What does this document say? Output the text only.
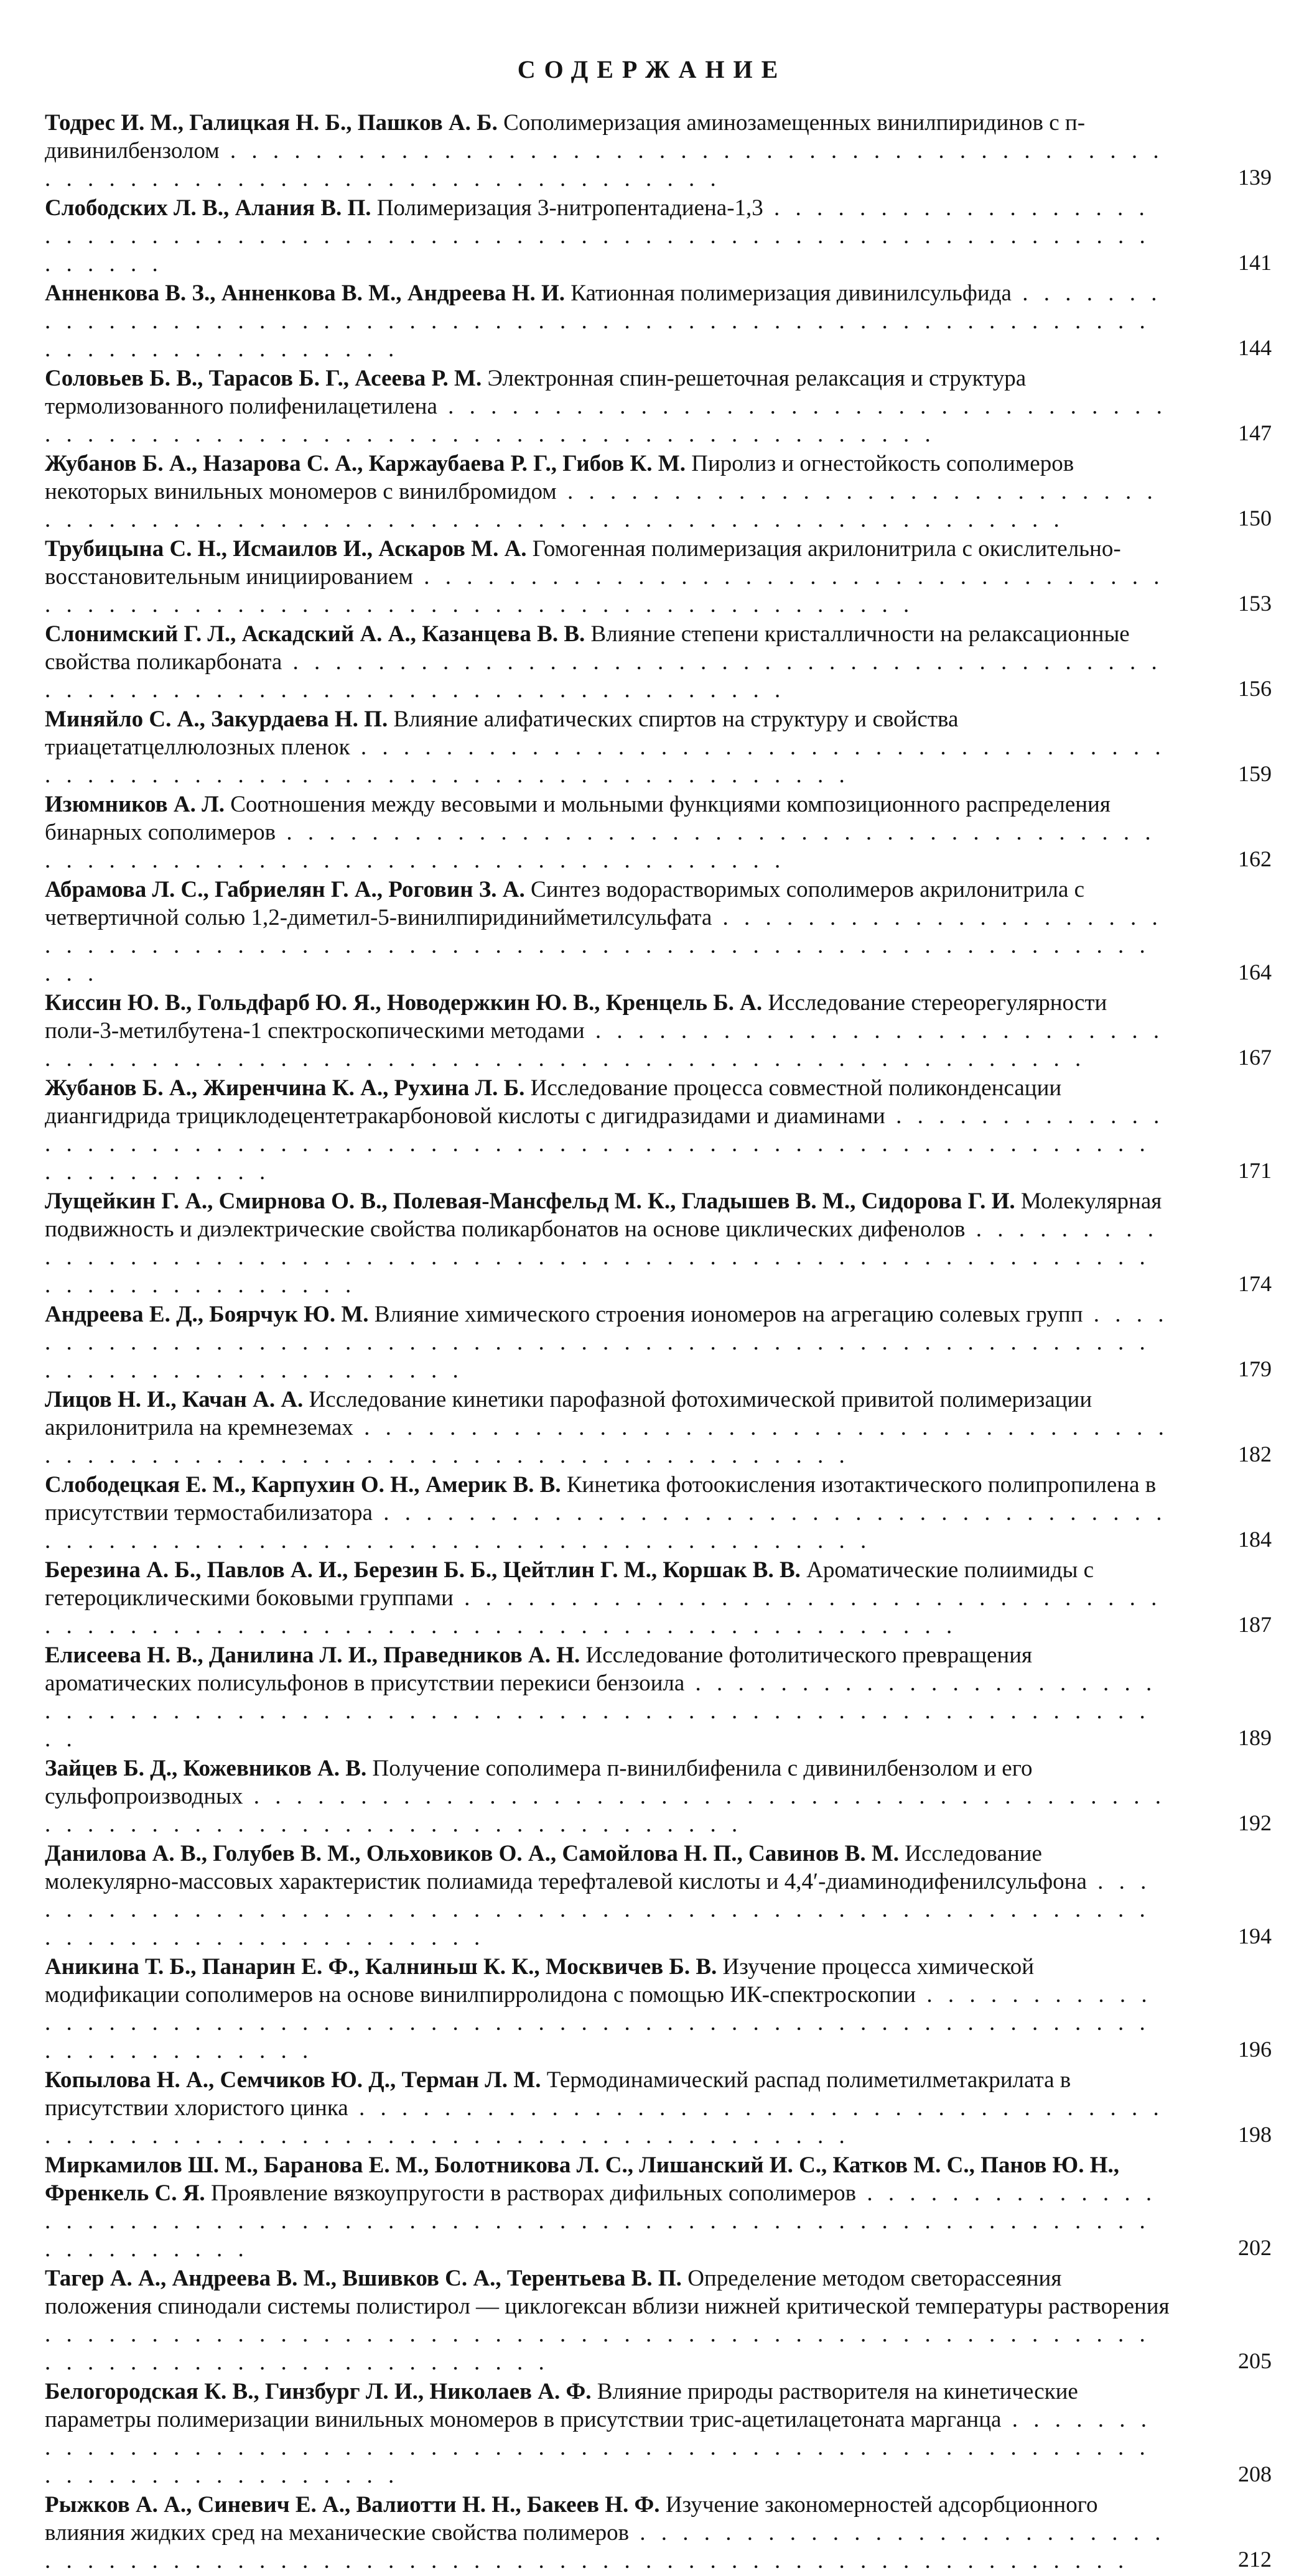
СОДЕРЖАНИЕ
Тодрес И. М., Галицкая Н. Б., Пашков А. Б. Сополимеризация аминозамещенных винилпиридинов с п-дивинилбензолом . . . . . . . . . . . . . . . . . . . . . . . . . . . . . . . . . . . . . . . . . . . . . . . . . . . . . . . . . . . . . . . . . . . . . . . . . . . .	139
Слободских Л. В., Алания В. П. Полимеризация 3-нитропентадиена-1,3 . . . . . . . . . . . . . . . . . . . . . . . . . . . . . . . . . . . . . . . . . . . . . . . . . . . . . . . . . . . . . . . . . . . . . . . . . . . .	141
Анненкова В. З., Анненкова В. М., Андреева Н. И. Катионная полимеризация дивинилсульфида . . . . . . . . . . . . . . . . . . . . . . . . . . . . . . . . . . . . . . . . . . . . . . . . . . . . . . . . . . . . . . . . . . . . . . . . . . . .	144
Соловьев Б. В., Тарасов Б. Г., Асеева Р. М. Электронная спин-решеточная релаксация и структура термолизованного полифенилацетилена . . . . . . . . . . . . . . . . . . . . . . . . . . . . . . . . . . . . . . . . . . . . . . . . . . . . . . . . . . . . . . . . . . . . . . . . . . . .	147
Жубанов Б. А., Назарова С. А., Каржаубаева Р. Г., Гибов К. М. Пиролиз и огнестойкость сополимеров некоторых винильных мономеров с винилбромидом . . . . . . . . . . . . . . . . . . . . . . . . . . . . . . . . . . . . . . . . . . . . . . . . . . . . . . . . . . . . . . . . . . . . . . . . . . . .	150
Трубицына С. Н., Исмаилов И., Аскаров М. А. Гомогенная полимеризация акрилонитрила с окислительно-восстановительным инициированием . . . . . . . . . . . . . . . . . . . . . . . . . . . . . . . . . . . . . . . . . . . . . . . . . . . . . . . . . . . . . . . . . . . . . . . . . . . .	153
Слонимский Г. Л., Аскадский А. А., Казанцева В. В. Влияние степени кристалличности на релаксационные свойства поликарбоната . . . . . . . . . . . . . . . . . . . . . . . . . . . . . . . . . . . . . . . . . . . . . . . . . . . . . . . . . . . . . . . . . . . . . . . . . . . .	156
Миняйло С. А., Закурдаева Н. П. Влияние алифатических спиртов на структуру и свойства триацетатцеллюлозных пленок . . . . . . . . . . . . . . . . . . . . . . . . . . . . . . . . . . . . . . . . . . . . . . . . . . . . . . . . . . . . . . . . . . . . . . . . . . . .	159
Изюмников А. Л. Соотношения между весовыми и мольными функциями композиционного распределения бинарных сополимеров . . . . . . . . . . . . . . . . . . . . . . . . . . . . . . . . . . . . . . . . . . . . . . . . . . . . . . . . . . . . . . . . . . . . . . . . . . . .	162
Абрамова Л. С., Габриелян Г. А., Роговин З. А. Синтез водорастворимых сополимеров акрилонитрила с четвертичной солью 1,2-диметил-5-винилпиридинийметилсульфата . . . . . . . . . . . . . . . . . . . . . . . . . . . . . . . . . . . . . . . . . . . . . . . . . . . . . . . . . . . . . . . . . . . . . . . . . . . .	164
Киссин Ю. В., Гольдфарб Ю. Я., Новодержкин Ю. В., Кренцель Б. А. Исследование стереорегулярности поли-3-метилбутена-1 спектроскопическими методами . . . . . . . . . . . . . . . . . . . . . . . . . . . . . . . . . . . . . . . . . . . . . . . . . . . . . . . . . . . . . . . . . . . . . . . . . . . .	167
Жубанов Б. А., Жиренчина К. А., Рухина Л. Б. Исследование процесса совместной поликонденсации диангидрида трициклодецентетракарбоновой кислоты с дигидразидами и диаминами . . . . . . . . . . . . . . . . . . . . . . . . . . . . . . . . . . . . . . . . . . . . . . . . . . . . . . . . . . . . . . . . . . . . . . . . . . . .	171
Лущейкин Г. А., Смирнова О. В., Полевая-Мансфельд М. К., Гладышев В. М., Сидорова Г. И. Молекулярная подвижность и диэлектрические свойства поликарбонатов на основе циклических дифенолов . . . . . . . . . . . . . . . . . . . . . . . . . . . . . . . . . . . . . . . . . . . . . . . . . . . . . . . . . . . . . . . . . . . . . . . . . . . .	174
Андреева Е. Д., Боярчук Ю. М. Влияние химического строения иономеров на агрегацию солевых групп . . . . . . . . . . . . . . . . . . . . . . . . . . . . . . . . . . . . . . . . . . . . . . . . . . . . . . . . . . . . . . . . . . . . . . . . . . . .	179
Лицов Н. И., Качан А. А. Исследование кинетики парофазной фотохимической привитой полимеризации акрилонитрила на кремнеземах . . . . . . . . . . . . . . . . . . . . . . . . . . . . . . . . . . . . . . . . . . . . . . . . . . . . . . . . . . . . . . . . . . . . . . . . . . . .	182
Слободецкая Е. М., Карпухин О. Н., Америк В. В. Кинетика фотоокисления изотактического полипропилена в присутствии термостабилизатора . . . . . . . . . . . . . . . . . . . . . . . . . . . . . . . . . . . . . . . . . . . . . . . . . . . . . . . . . . . . . . . . . . . . . . . . . . . .	184
Березина А. Б., Павлов А. И., Березин Б. Б., Цейтлин Г. М., Коршак В. В. Ароматические полиимиды с гетероциклическими боковыми группами . . . . . . . . . . . . . . . . . . . . . . . . . . . . . . . . . . . . . . . . . . . . . . . . . . . . . . . . . . . . . . . . . . . . . . . . . . . .	187
Елисеева Н. В., Данилина Л. И., Праведников А. Н. Исследование фотолитического превращения ароматических полисульфонов в присутствии перекиси бензоила . . . . . . . . . . . . . . . . . . . . . . . . . . . . . . . . . . . . . . . . . . . . . . . . . . . . . . . . . . . . . . . . . . . . . . . . . . . .	189
Зайцев Б. Д., Кожевников А. В. Получение сополимера п-винилбифенила с дивинилбензолом и его сульфопроизводных . . . . . . . . . . . . . . . . . . . . . . . . . . . . . . . . . . . . . . . . . . . . . . . . . . . . . . . . . . . . . . . . . . . . . . . . . . . .	192
Данилова А. В., Голубев В. М., Ольховиков О. А., Самойлова Н. П., Савинов В. М. Исследование молекулярно-массовых характеристик полиамида терефталевой кислоты и 4,4′-диаминодифенилсульфона . . . . . . . . . . . . . . . . . . . . . . . . . . . . . . . . . . . . . . . . . . . . . . . . . . . . . . . . . . . . . . . . . . . . . . . . . . . .	194
Аникина Т. Б., Панарин Е. Ф., Калниньш К. К., Москвичев Б. В. Изучение процесса химической модификации сополимеров на основе винилпирролидона с помощью ИК-спектроскопии . . . . . . . . . . . . . . . . . . . . . . . . . . . . . . . . . . . . . . . . . . . . . . . . . . . . . . . . . . . . . . . . . . . . . . . . . . . .	196
Копылова Н. А., Семчиков Ю. Д., Терман Л. М. Термодинамический распад полиметилметакрилата в присутствии хлористого цинка . . . . . . . . . . . . . . . . . . . . . . . . . . . . . . . . . . . . . . . . . . . . . . . . . . . . . . . . . . . . . . . . . . . . . . . . . . . .	198
Миркамилов Ш. М., Баранова Е. М., Болотникова Л. С., Лишанский И. С., Катков М. С., Панов Ю. Н., Френкель С. Я. Проявление вязкоупругости в растворах дифильных сополимеров . . . . . . . . . . . . . . . . . . . . . . . . . . . . . . . . . . . . . . . . . . . . . . . . . . . . . . . . . . . . . . . . . . . . . . . . . . . .	202
Тагер А. А., Андреева В. М., Вшивков С. А., Терентьева В. П. Определение методом светорассеяния положения спинодали системы полистирол — циклогексан вблизи нижней критической температуры растворения . . . . . . . . . . . . . . . . . . . . . . . . . . . . . . . . . . . . . . . . . . . . . . . . . . . . . . . . . . . . . . . . . . . . . . . . . . . .	205
Белогородская К. В., Гинзбург Л. И., Николаев А. Ф. Влияние природы растворителя на кинетические параметры полимеризации винильных мономеров в присутствии трис-ацетилацетоната марганца . . . . . . . . . . . . . . . . . . . . . . . . . . . . . . . . . . . . . . . . . . . . . . . . . . . . . . . . . . . . . . . . . . . . . . . . . . . .	208
Рыжков А. А., Синевич Е. А., Валиотти Н. Н., Бакеев Н. Ф. Изучение закономерностей адсорбционного влияния жидких сред на механические свойства полимеров . . . . . . . . . . . . . . . . . . . . . . . . . . . . . . . . . . . . . . . . . . . . . . . . . . . . . . . . . . . . . . . . . . . . . . . . . . . .	212
